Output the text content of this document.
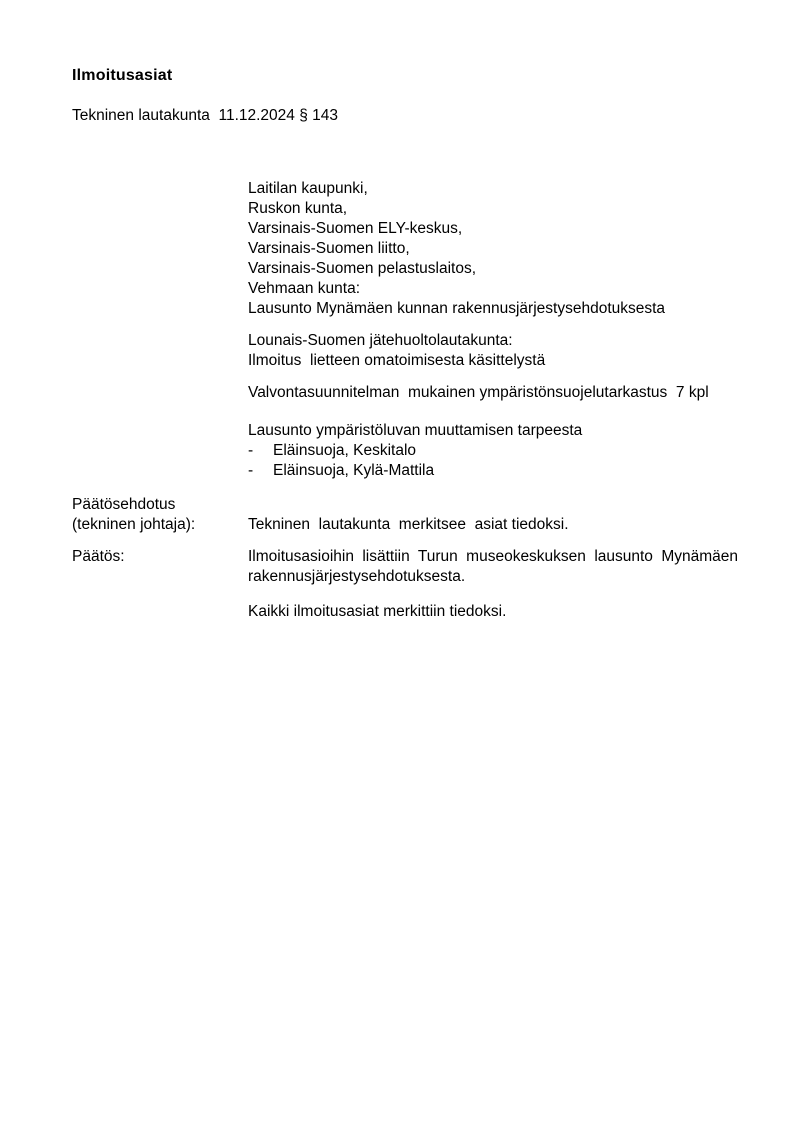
Ilmoitusasiat
Tekninen lautakunta  11.12.2024 § 143
Laitilan kaupunki,
Ruskon kunta,
Varsinais-Suomen ELY-keskus,
Varsinais-Suomen liitto,
Varsinais-Suomen pelastuslaitos,
Vehmaan kunta:
Lausunto Mynämäen kunnan rakennusjärjestysehdotuksesta
Lounais-Suomen jätehuoltolautakunta:
Ilmoitus  lietteen omatoimisesta käsittelystä
Valvontasuunnitelman  mukainen ympäristönsuojelutarkastus  7 kpl
Lausunto ympäristöluvan muuttamisen tarpeesta
-	Eläinsuoja, Keskitalo
-	Eläinsuoja, Kylä-Mattila
Päätösehdotus
(tekninen johtaja):	Tekninen  lautakunta  merkitsee  asiat tiedoksi.
Päätös:	Ilmoitusasioihin lisättiin Turun museokeskuksen lausunto Mynämäen rakennusjärjestysehdotuksesta.
Kaikki ilmoitusasiat merkittiin tiedoksi.
